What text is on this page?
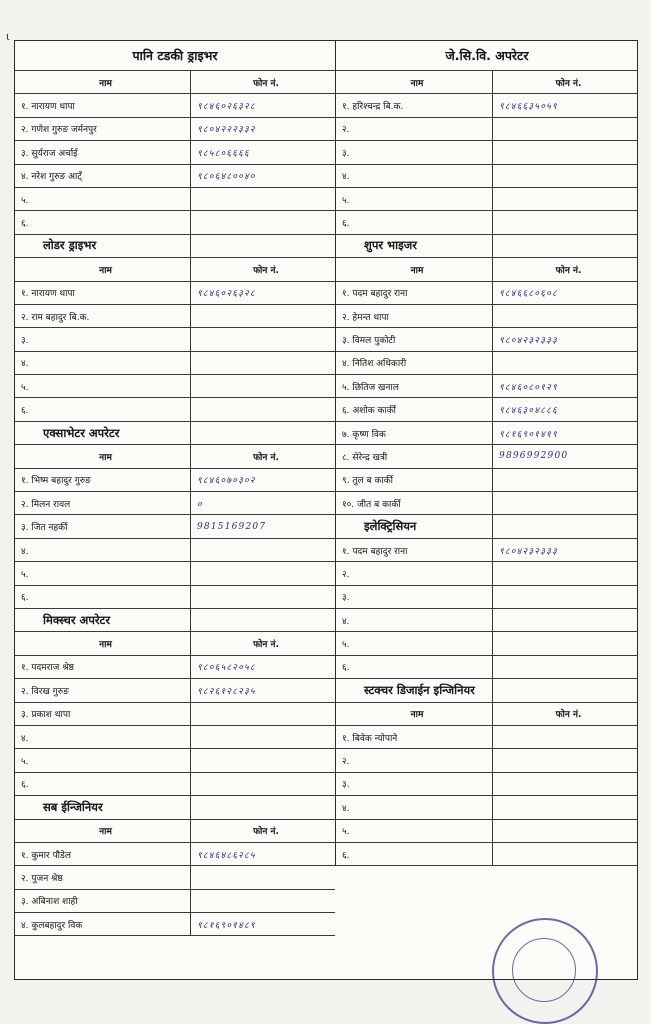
ι
पानि टडकी ड्राइभर
नाम	फोन नं.
१. नारायण थापा	९८४६०२६३२८
२. गणेश गुरुङ जर्मनपुर	९८०४२२२३३२
३. सुर्यराज अर्चाई	९८५८०६६६६
४. नरेश गुरुङ आट्ँ	९८०६४८००४०
५.
६.
लोडर ड्राइभर
नाम	फोन नं.
१. नारायण थापा	९८४६०२६३२८
२. राम बहादुर बि.क.
३.
४.
५.
६.
एक्साभेटर अपरेटर
नाम	फोन नं.
१. भिष्म बहादुर गुरुङ	९८४६०७०३०२
२. मिलन रावल	०
३. जित नहर्की	9815169207
४.
५.
६.
मिक्स्चर अपरेटर
नाम	फोन नं.
१. पदमराज श्रेष्ठ	९८०६५८२०५८
२. विरख गुरुङ	९८२६१२८२३५
३. प्रकाश थापा
४.
५.
६.
सब ईन्जिनियर
नाम	फोन नं.
१. कुमार पौडेल	९८४६४८६२८५
२. पुजन श्रेष्ठ
३. अबिनाश शाही
४. कुलबहादुर विक	९८१६९०१४८९
जे.सि.वि. अपरेटर
नाम	फोन नं.
१. हरिश्चन्द्र बि.क.	९८४६६३५०५९
२.
३.
४.
५.
६.
शुपर भाइजर
नाम	फोन नं.
१. पदम बहादुर राना	९८४६६८०६०८
२. हेमन्त थापा
३. विमल पुकोटी	९८०४२३२३३३
४. नितिश अधिकारी
५. छितिज खनाल	९८४६०८०१२९
६. अशोक कार्की	९८४६३०४८८६
७. कृष्ण विक	९८१६९०१४१९
८. सेरेन्द्र खत्री	9896992900
९. तुल ब कार्की
१०. जीत ब कार्की
इलेक्ट्रिसियन
१. पदम बहादुर राना	९८०४२३२३३३
२.
३.
४.
५.
६.
स्टक्चर डिजाईन इन्जिनियर
नाम	फोन नं.
१. बिवेक न्योपाने
२.
३.
४.
५.
६.
